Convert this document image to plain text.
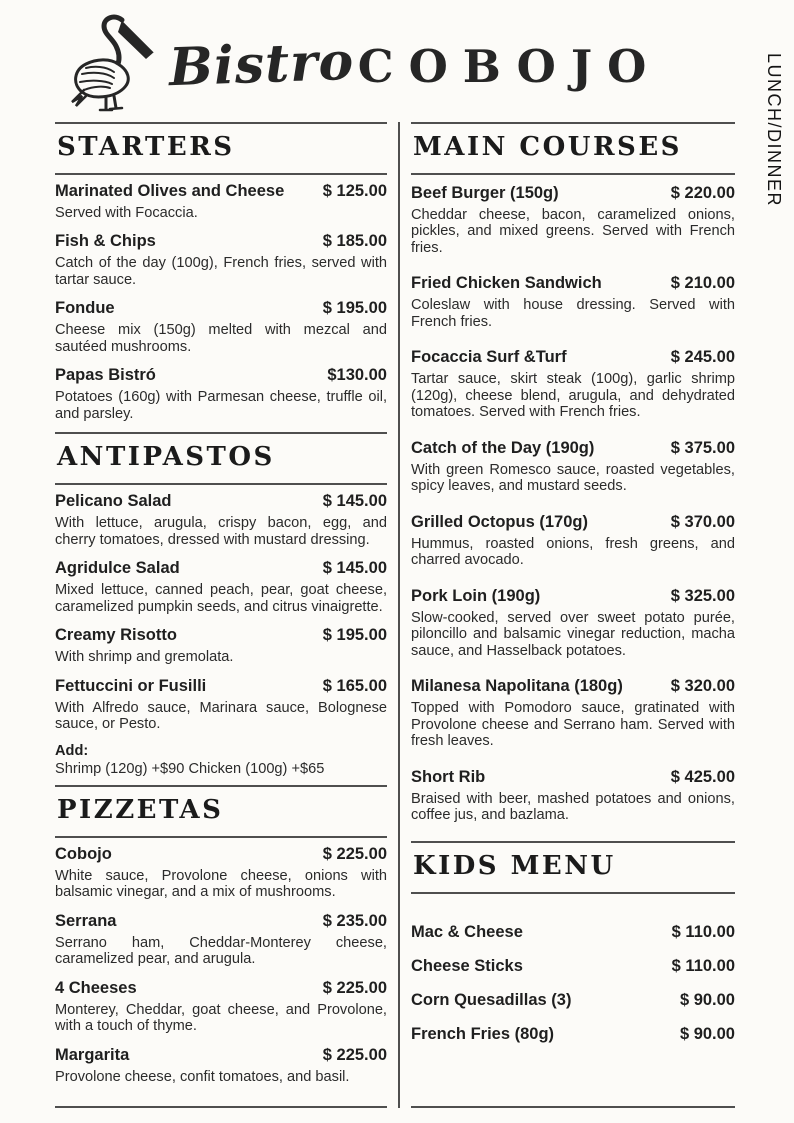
Bistro COBOJO	LUNCH/DINNER
STARTERS
Marinated Olives and Cheese $ 125.00

Served with Focaccia.

Fish & Chips	$ 185.00

Catch of the day (100g), French fries, served with tartar sauce.

Fondue	$ 195.00

Cheese mix (150g) melted with mezcal and sautéed mushrooms.

Papas Bistró	$130.00

Potatoes (160g) with Parmesan cheese, truffle oil, and parsley.

ANTIPASTOS
Pelicano Salad	$ 145.00

With lettuce, arugula, crispy bacon, egg, and cherry tomatoes, dressed with mustard dressing.

Agridulce Salad	$ 145.00

Mixed lettuce, canned peach, pear, goat cheese, caramelized pumpkin seeds, and citrus vinaigrette.

Creamy Risotto	$ 195.00

With shrimp and gremolata.

Fettuccini or Fusilli	$ 165.00

With Alfredo sauce, Marinara sauce, Bolognese sauce, or Pesto.

Add:
Shrimp (120g) +$90 Chicken (100g) +$65
PIZZETAS
Cobojo	$ 225.00

White sauce, Provolone cheese, onions with balsamic vinegar, and a mix of mushrooms.

Serrana	$ 235.00

Serrano ham, Cheddar-Monterey cheese, caramelized pear, and arugula.

4 Cheeses	$ 225.00

Monterey, Cheddar, goat cheese, and Provolone, with a touch of thyme.

Margarita	$ 225.00

Provolone cheese, confit tomatoes, and basil.

MAIN COURSES
Beef Burger (150g)	$ 220.00

Cheddar cheese, bacon, caramelized onions, pickles, and mixed greens. Served with French fries.

Fried Chicken Sandwich	$ 210.00

Coleslaw with house dressing. Served with French fries.

Focaccia Surf &Turf	$ 245.00

Tartar sauce, skirt steak (100g), garlic shrimp (120g), cheese blend, arugula, and dehydrated tomatoes. Served with French fries.

Catch of the Day (190g)	$ 375.00

With green Romesco sauce, roasted vegetables, spicy leaves, and mustard seeds.

Grilled Octopus (170g)	$ 370.00

Hummus, roasted onions, fresh greens, and charred avocado.

Pork Loin (190g)	$ 325.00

Slow-cooked, served over sweet potato purée, piloncillo and balsamic vinegar reduction, macha sauce, and Hasselback potatoes.

Milanesa Napolitana (180g)	$ 320.00

Topped with Pomodoro sauce, gratinated with Provolone cheese and Serrano ham. Served with fresh leaves.

Short Rib	$ 425.00

Braised with beer, mashed potatoes and onions, coffee jus, and bazlama.

KIDS MENU
Mac & Cheese	$ 110.00
Cheese Sticks	$ 110.00
Corn Quesadillas (3)	$ 90.00
French Fries (80g)	$ 90.00
